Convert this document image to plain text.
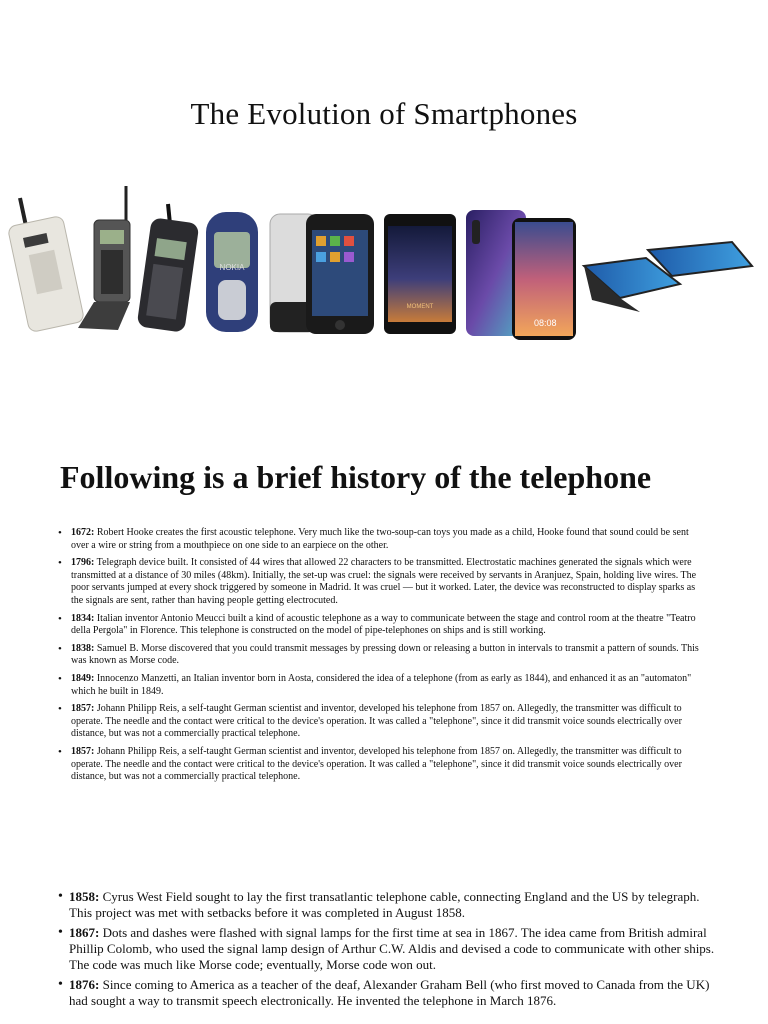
The Evolution of Smartphones
NOKIA
MOMENT
08:08
Following is a brief history of the telephone
• 1672: Robert Hooke creates the first acoustic telephone. Very much like the two-soup-can toys you made as a child, Hooke found that sound could be sent over a wire or string from a mouthpiece on one side to an earpiece on the other.
• 1796: Telegraph device built. It consisted of 44 wires that allowed 22 characters to be transmitted. Electrostatic machines generated the signals which were transmitted at a distance of 30 miles (48km). Initially, the set-up was cruel: the signals were received by servants in Aranjuez, Spain, holding live wires. The poor servants jumped at every shock triggered by someone in Madrid. It was cruel — but it worked. Later, the device was reconstructed to display sparks as the signals are sent, rather than having people getting electrocuted.
• 1834: Italian inventor Antonio Meucci built a kind of acoustic telephone as a way to communicate between the stage and control room at the theatre "Teatro della Pergola" in Florence. This telephone is constructed on the model of pipe-telephones on ships and is still working.
• 1838: Samuel B. Morse discovered that you could transmit messages by pressing down or releasing a button in intervals to transmit a pattern of sounds. This was known as Morse code.
• 1849: Innocenzo Manzetti, an Italian inventor born in Aosta, considered the idea of a telephone (from as early as 1844), and enhanced it as an "automaton" which he built in 1849.
• 1857: Johann Philipp Reis, a self-taught German scientist and inventor, developed his telephone from 1857 on. Allegedly, the transmitter was difficult to operate. The needle and the contact were critical to the device's operation. It was called a "telephone", since it did transmit voice sounds electrically over distance, but was not a commercially practical telephone.
• 1857: Johann Philipp Reis, a self-taught German scientist and inventor, developed his telephone from 1857 on. Allegedly, the transmitter was difficult to operate. The needle and the contact were critical to the device's operation. It was called a "telephone", since it did transmit voice sounds electrically over distance, but was not a commercially practical telephone.
• 1858: Cyrus West Field sought to lay the first transatlantic telephone cable, connecting England and the US by telegraph. This project was met with setbacks before it was completed in August 1858.
• 1867: Dots and dashes were flashed with signal lamps for the first time at sea in 1867. The idea came from British admiral Phillip Colomb, who used the signal lamp design of Arthur C.W. Aldis and devised a code to communicate with other ships. The code was much like Morse code; eventually, Morse code won out.
• 1876: Since coming to America as a teacher of the deaf, Alexander Graham Bell (who first moved to Canada from the UK) had sought a way to transmit speech electronically. He invented the telephone in March 1876.
